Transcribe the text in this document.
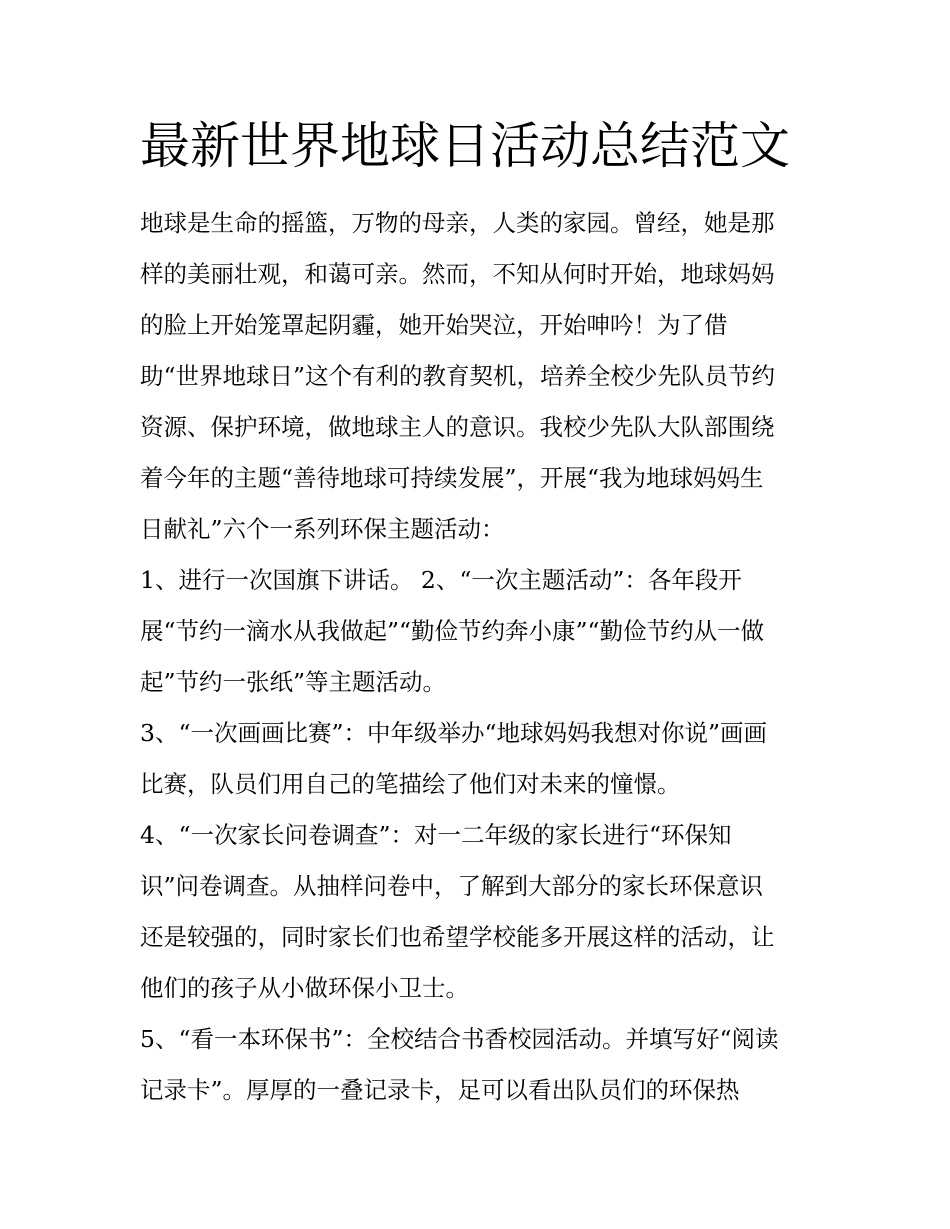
最新世界地球日活动总结范文
地球是生命的摇篮，万物的母亲，人类的家园。曾经，她是那
样的美丽壮观，和蔼可亲。然而，不知从何时开始，地球妈妈
的脸上开始笼罩起阴霾，她开始哭泣，开始呻吟！为了借
助“世界地球日”这个有利的教育契机，培养全校少先队员节约
资源、保护环境，做地球主人的意识。我校少先队大队部围绕
着今年的主题“善待地球可持续发展”，开展“我为地球妈妈生
日献礼”六个一系列环保主题活动：
1、进行一次国旗下讲话。 2、“一次主题活动”：各年段开
展“节约一滴水从我做起”“勤俭节约奔小康”“勤俭节约从一做
起”节约一张纸”等主题活动。
3、“一次画画比赛”：中年级举办“地球妈妈我想对你说”画画
比赛，队员们用自己的笔描绘了他们对未来的憧憬。
4、“一次家长问卷调查”：对一二年级的家长进行“环保知
识”问卷调查。从抽样问卷中，了解到大部分的家长环保意识
还是较强的，同时家长们也希望学校能多开展这样的活动，让
他们的孩子从小做环保小卫士。
5、“看一本环保书”：全校结合书香校园活动。并填写好“阅读
记录卡”。厚厚的一叠记录卡，足可以看出队员们的环保热
